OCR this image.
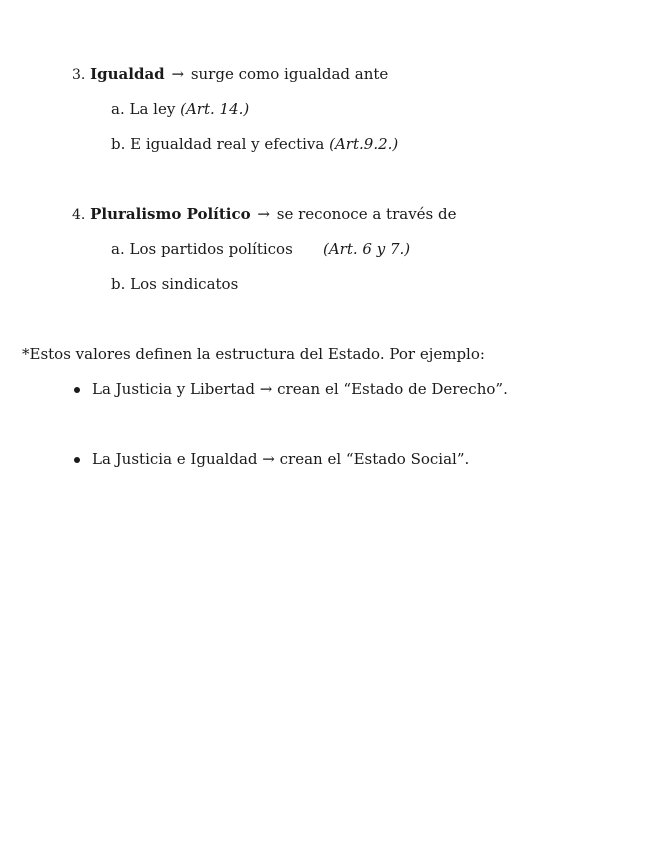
3. Igualdad → surge como igualdad ante
a. La ley (Art. 14.)
b. E igualdad real y efectiva (Art.9.2.)
4. Pluralismo Político → se reconoce a través de
a. Los partidos políticos (Art. 6 y 7.)
b. Los sindicatos
*Estos valores definen la estructura del Estado. Por ejemplo:
La Justicia y Libertad → crean el “Estado de Derecho”.
La Justicia e Igualdad → crean el “Estado Social”.
